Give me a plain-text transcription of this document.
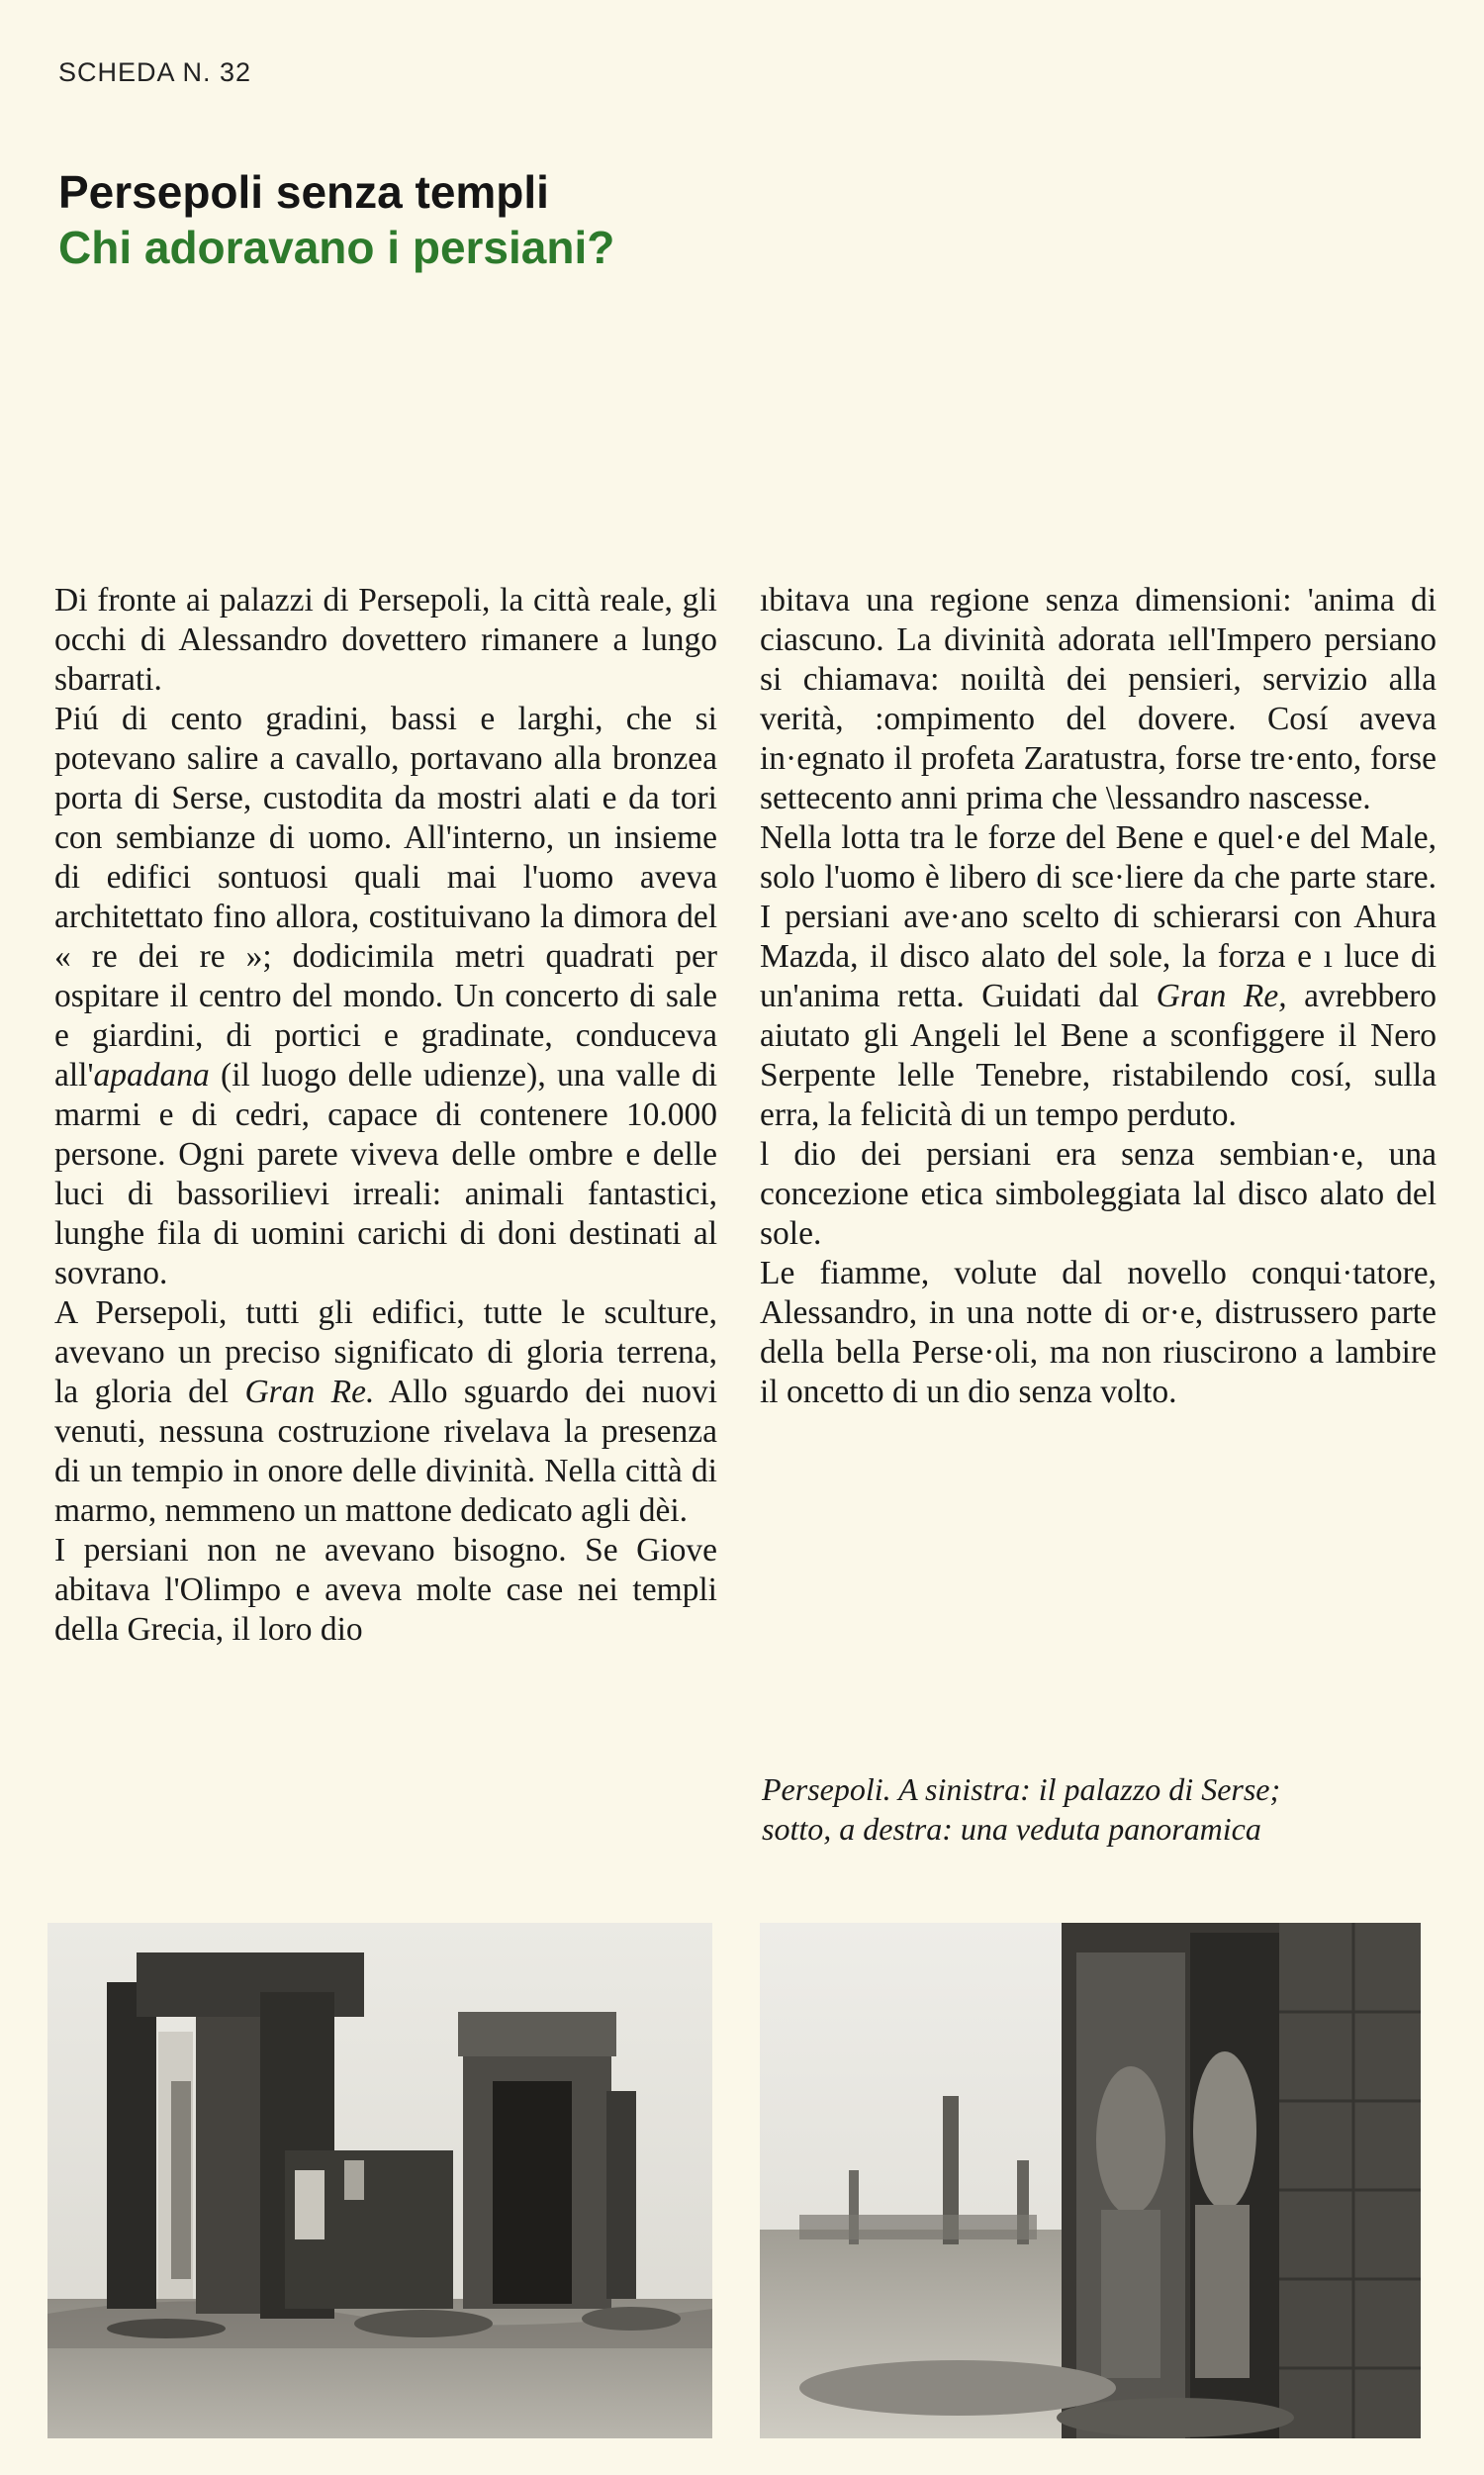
SCHEDA N. 32
Persepoli senza templi
Chi adoravano i persiani?

Di fronte ai palazzi di Persepoli, la città reale, gli occhi di Alessandro dovettero rimanere a lungo sbarrati.

Piú di cento gradini, bassi e larghi, che si potevano salire a cavallo, portavano alla bronzea porta di Serse, custodita da mostri alati e da tori con sembianze di uomo. All'interno, un insieme di edifici sontuosi quali mai l'uomo aveva architettato fino allora, costituivano la dimora del « re dei re »; dodicimila metri quadrati per ospitare il centro del mondo. Un concerto di sale e giardini, di portici e gradinate, conduceva all'apadana (il luogo delle udienze), una valle di marmi e di cedri, capace di contenere 10.000 persone. Ogni parete viveva delle ombre e delle luci di bassorilievi irreali: animali fantastici, lunghe fila di uomini carichi di doni destinati al sovrano.

A Persepoli, tutti gli edifici, tutte le sculture, avevano un preciso significato di gloria terrena, la gloria del Gran Re. Allo sguardo dei nuovi venuti, nessuna costruzione rivelava la presenza di un tempio in onore delle divinità. Nella città di marmo, nemmeno un mattone dedicato agli dèi.

I persiani non ne avevano bisogno. Se Giove abitava l'Olimpo e aveva molte case nei templi della Grecia, il loro dio

ıbitava una regione senza dimensioni: 'anima di ciascuno. La divinità adorata ıell'Impero persiano si chiamava: noıiltà dei pensieri, servizio alla verità, :ompimento del dovere. Cosí aveva in·egnato il profeta Zaratustra, forse tre·ento, forse settecento anni prima che \lessandro nascesse.

Nella lotta tra le forze del Bene e quel·e del Male, solo l'uomo è libero di sce·liere da che parte stare. I persiani ave·ano scelto di schierarsi con Ahura Mazda, il disco alato del sole, la forza e ı luce di un'anima retta. Guidati dal Gran Re, avrebbero aiutato gli Angeli lel Bene a sconfiggere il Nero Serpente lelle Tenebre, ristabilendo cosí, sulla erra, la felicità di un tempo perduto.

l dio dei persiani era senza sembian·e, una concezione etica simboleggiata lal disco alato del sole.

Le fiamme, volute dal novello conqui·tatore, Alessandro, in una notte di or·e, distrussero parte della bella Perse·oli, ma non riuscirono a lambire il oncetto di un dio senza volto.

Persepoli. A sinistra: il palazzo di Serse;
sotto, a destra: una veduta panoramica
